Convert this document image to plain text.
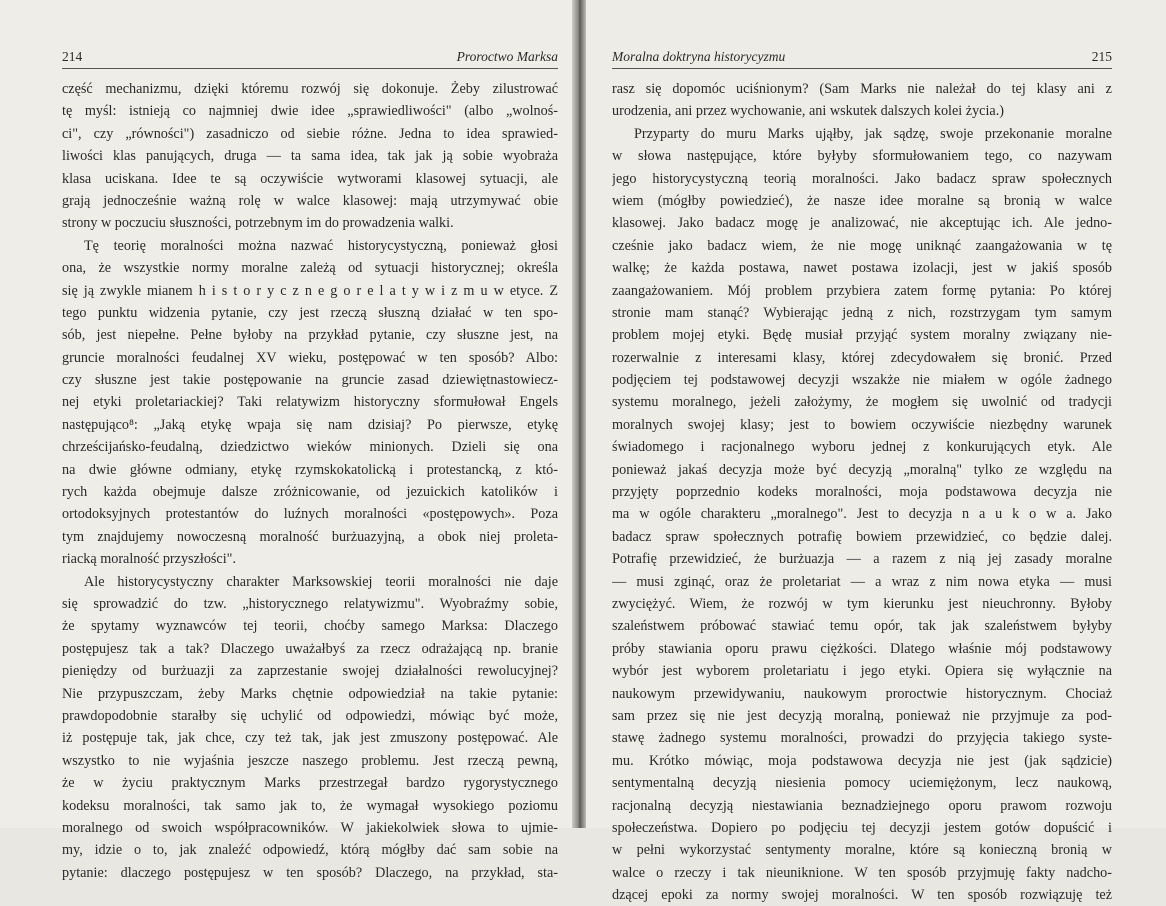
214	Proroctwo Marksa
część mechanizmu, dzięki któremu rozwój się dokonuje. Żeby zilustrować
tę myśl: istnieją co najmniej dwie idee „sprawiedliwości" (albo „wolnoś-
ci", czy „równości") zasadniczo od siebie różne. Jedna to idea sprawied-
liwości klas panujących, druga — ta sama idea, tak jak ją sobie wyobraża
klasa uciskana. Idee te są oczywiście wytworami klasowej sytuacji, ale
grają jednocześnie ważną rolę w walce klasowej: mają utrzymywać obie
strony w poczuciu słuszności, potrzebnym im do prowadzenia walki.
Tę teorię moralności można nazwać historycystyczną, ponieważ głosi
ona, że wszystkie normy moralne zależą od sytuacji historycznej; określa
się ją zwykle mianem h i s t o r y c z n e g o r e l a t y w i z m u w etyce. Z
tego punktu widzenia pytanie, czy jest rzeczą słuszną działać w ten spo-
sób, jest niepełne. Pełne byłoby na przykład pytanie, czy słuszne jest, na
gruncie moralności feudalnej XV wieku, postępować w ten sposób? Albo:
czy słuszne jest takie postępowanie na gruncie zasad dziewiętnastowiecz-
nej etyki proletariackiej? Taki relatywizm historyczny sformułował Engels
następująco⁸: „Jaką etykę wpaja się nam dzisiaj? Po pierwsze, etykę
chrześcijańsko-feudalną, dziedzictwo wieków minionych. Dzieli się ona
na dwie główne odmiany, etykę rzymskokatolicką i protestancką, z któ-
rych każda obejmuje dalsze zróżnicowanie, od jezuickich katolików i
ortodoksyjnych protestantów do luźnych moralności «postępowych». Poza
tym znajdujemy nowoczesną moralność burżuazyjną, a obok niej proleta-
riacką moralność przyszłości".
Ale historycystyczny charakter Marksowskiej teorii moralności nie daje
się sprowadzić do tzw. „historycznego relatywizmu". Wyobraźmy sobie,
że spytamy wyznawców tej teorii, choćby samego Marksa: Dlaczego
postępujesz tak a tak? Dlaczego uważałbyś za rzecz odrażającą np. branie
pieniędzy od burżuazji za zaprzestanie swojej działalności rewolucyjnej?
Nie przypuszczam, żeby Marks chętnie odpowiedział na takie pytanie:
prawdopodobnie starałby się uchylić od odpowiedzi, mówiąc być może,
iż postępuje tak, jak chce, czy też tak, jak jest zmuszony postępować. Ale
wszystko to nie wyjaśnia jeszcze naszego problemu. Jest rzeczą pewną,
że w życiu praktycznym Marks przestrzegał bardzo rygorystycznego
kodeksu moralności, tak samo jak to, że wymagał wysokiego poziomu
moralnego od swoich współpracowników. W jakiekolwiek słowa to ujmie-
my, idzie o to, jak znaleźć odpowiedź, którą mógłby dać sam sobie na
pytanie: dlaczego postępujesz w ten sposób? Dlaczego, na przykład, sta-
Moralna doktryna historycyzmu	215
rasz się dopomóc uciśnionym? (Sam Marks nie należał do tej klasy ani z
urodzenia, ani przez wychowanie, ani wskutek dalszych kolei życia.)
Przyparty do muru Marks ująłby, jak sądzę, swoje przekonanie moralne
w słowa następujące, które byłyby sformułowaniem tego, co nazywam
jego historycystyczną teorią moralności. Jako badacz spraw społecznych
wiem (mógłby powiedzieć), że nasze idee moralne są bronią w walce
klasowej. Jako badacz mogę je analizować, nie akceptując ich. Ale jedno-
cześnie jako badacz wiem, że nie mogę uniknąć zaangażowania w tę
walkę; że każda postawa, nawet postawa izolacji, jest w jakiś sposób
zaangażowaniem. Mój problem przybiera zatem formę pytania: Po której
stronie mam stanąć? Wybierając jedną z nich, rozstrzygam tym samym
problem mojej etyki. Będę musiał przyjąć system moralny związany nie-
rozerwalnie z interesami klasy, której zdecydowałem się bronić. Przed
podjęciem tej podstawowej decyzji wszakże nie miałem w ogóle żadnego
systemu moralnego, jeżeli założymy, że mogłem się uwolnić od tradycji
moralnych swojej klasy; jest to bowiem oczywiście niezbędny warunek
świadomego i racjonalnego wyboru jednej z konkurujących etyk. Ale
ponieważ jakaś decyzja może być decyzją „moralną" tylko ze względu na
przyjęty poprzednio kodeks moralności, moja podstawowa decyzja nie
ma w ogóle charakteru „moralnego". Jest to decyzja n a u k o w a. Jako
badacz spraw społecznych potrafię bowiem przewidzieć, co będzie dalej.
Potrafię przewidzieć, że burżuazja — a razem z nią jej zasady moralne
— musi zginąć, oraz że proletariat — a wraz z nim nowa etyka — musi
zwyciężyć. Wiem, że rozwój w tym kierunku jest nieuchronny. Byłoby
szaleństwem próbować stawiać temu opór, tak jak szaleństwem byłyby
próby stawiania oporu prawu ciężkości. Dlatego właśnie mój podstawowy
wybór jest wyborem proletariatu i jego etyki. Opiera się wyłącznie na
naukowym przewidywaniu, naukowym proroctwie historycznym. Chociaż
sam przez się nie jest decyzją moralną, ponieważ nie przyjmuje za pod-
stawę żadnego systemu moralności, prowadzi do przyjęcia takiego syste-
mu. Krótko mówiąc, moja podstawowa decyzja nie jest (jak sądzicie)
sentymentalną decyzją niesienia pomocy uciemiężonym, lecz naukową,
racjonalną decyzją niestawiania beznadziejnego oporu prawom rozwoju
społeczeństwa. Dopiero po podjęciu tej decyzji jestem gotów dopuścić i
w pełni wykorzystać sentymenty moralne, które są konieczną bronią w
walce o rzeczy i tak nieuniknione. W ten sposób przyjmuję fakty nadcho-
dzącej epoki za normy swojej moralności. W ten sposób rozwiązuję też
